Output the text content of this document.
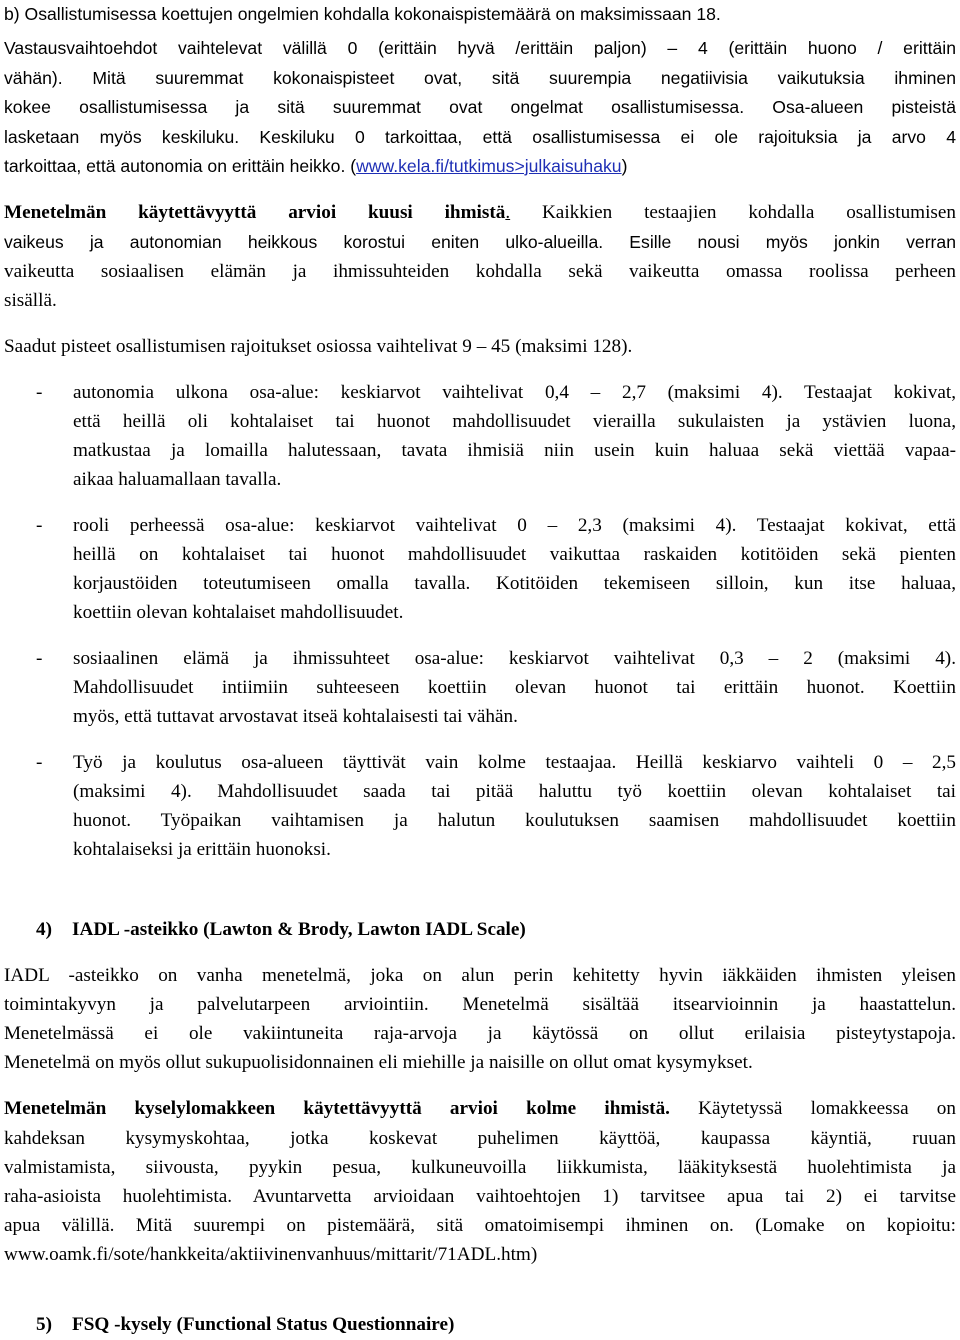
b) Osallistumisessa koettujen ongelmien kohdalla kokonaispistemäärä on maksimissaan 18.
Vastausvaihtoehdot vaihtelevat välillä 0 (erittäin hyvä /erittäin paljon) – 4 (erittäin huono / erittäin
vähän). Mitä suuremmat kokonaispisteet ovat, sitä suurempia negatiivisia vaikutuksia ihminen
kokee osallistumisessa ja sitä suuremmat ovat ongelmat osallistumisessa. Osa-alueen pisteistä
lasketaan myös keskiluku. Keskiluku 0 tarkoittaa, että osallistumisessa ei ole rajoituksia ja arvo 4
tarkoittaa, että autonomia on erittäin heikko. (www.kela.fi/tutkimus>julkaisuhaku)
Menetelmän käytettävyyttä arvioi kuusi ihmistä. Kaikkien testaajien kohdalla osallistumisen
vaikeus ja autonomian heikkous korostui eniten ulko-alueilla. Esille nousi myös jonkin verran
vaikeutta sosiaalisen elämän ja ihmissuhteiden kohdalla sekä vaikeutta omassa roolissa perheen
sisällä.
Saadut pisteet osallistumisen rajoitukset osiossa vaihtelivat 9 – 45 (maksimi 128).
- autonomia ulkona osa-alue: keskiarvot vaihtelivat 0,4 – 2,7 (maksimi 4). Testaajat kokivat,
että heillä oli kohtalaiset tai huonot mahdollisuudet vierailla sukulaisten ja ystävien luona,
matkustaa ja lomailla halutessaan, tavata ihmisiä niin usein kuin haluaa sekä viettää vapaa-
aikaa haluamallaan tavalla.
- rooli perheessä osa-alue: keskiarvot vaihtelivat 0 – 2,3 (maksimi 4). Testaajat kokivat, että
heillä on kohtalaiset tai huonot mahdollisuudet vaikuttaa raskaiden kotitöiden sekä pienten
korjaustöiden toteutumiseen omalla tavalla. Kotitöiden tekemiseen silloin, kun itse haluaa,
koettiin olevan kohtalaiset mahdollisuudet.
- sosiaalinen elämä ja ihmissuhteet osa-alue: keskiarvot vaihtelivat 0,3 – 2 (maksimi 4).
Mahdollisuudet intiimiin suhteeseen koettiin olevan huonot tai erittäin huonot. Koettiin
myös, että tuttavat arvostavat itseä kohtalaisesti tai vähän.
- Työ ja koulutus osa-alueen täyttivät vain kolme testaajaa. Heillä keskiarvo vaihteli 0 – 2,5
(maksimi 4). Mahdollisuudet saada tai pitää haluttu työ koettiin olevan kohtalaiset tai
huonot. Työpaikan vaihtamisen ja halutun koulutuksen saamisen mahdollisuudet koettiin
kohtalaiseksi ja erittäin huonoksi.
4) IADL -asteikko (Lawton & Brody, Lawton IADL Scale)
IADL -asteikko on vanha menetelmä, joka on alun perin kehitetty hyvin iäkkäiden ihmisten yleisen
toimintakyvyn ja palvelutarpeen arviointiin. Menetelmä sisältää itsearvioinnin ja haastattelun.
Menetelmässä ei ole vakiintuneita raja-arvoja ja käytössä on ollut erilaisia pisteytystapoja.
Menetelmä on myös ollut sukupuolisidonnainen eli miehille ja naisille on ollut omat kysymykset.
Menetelmän kyselylomakkeen käytettävyyttä arvioi kolme ihmistä. Käytetyssä lomakkeessa on
kahdeksan kysymyskohtaa, jotka koskevat puhelimen käyttöä, kaupassa käyntiä, ruuan
valmistamista, siivousta, pyykin pesua, kulkuneuvoilla liikkumista, lääkityksestä huolehtimista ja
raha-asioista huolehtimista. Avuntarvetta arvioidaan vaihtoehtojen 1) tarvitsee apua tai 2) ei tarvitse
apua välillä. Mitä suurempi on pistemäärä, sitä omatoimisempi ihminen on. (Lomake on kopioitu:
www.oamk.fi/sote/hankkeita/aktiivinenvanhuus/mittarit/71ADL.htm)
5) FSQ -kysely (Functional Status Questionnaire)
